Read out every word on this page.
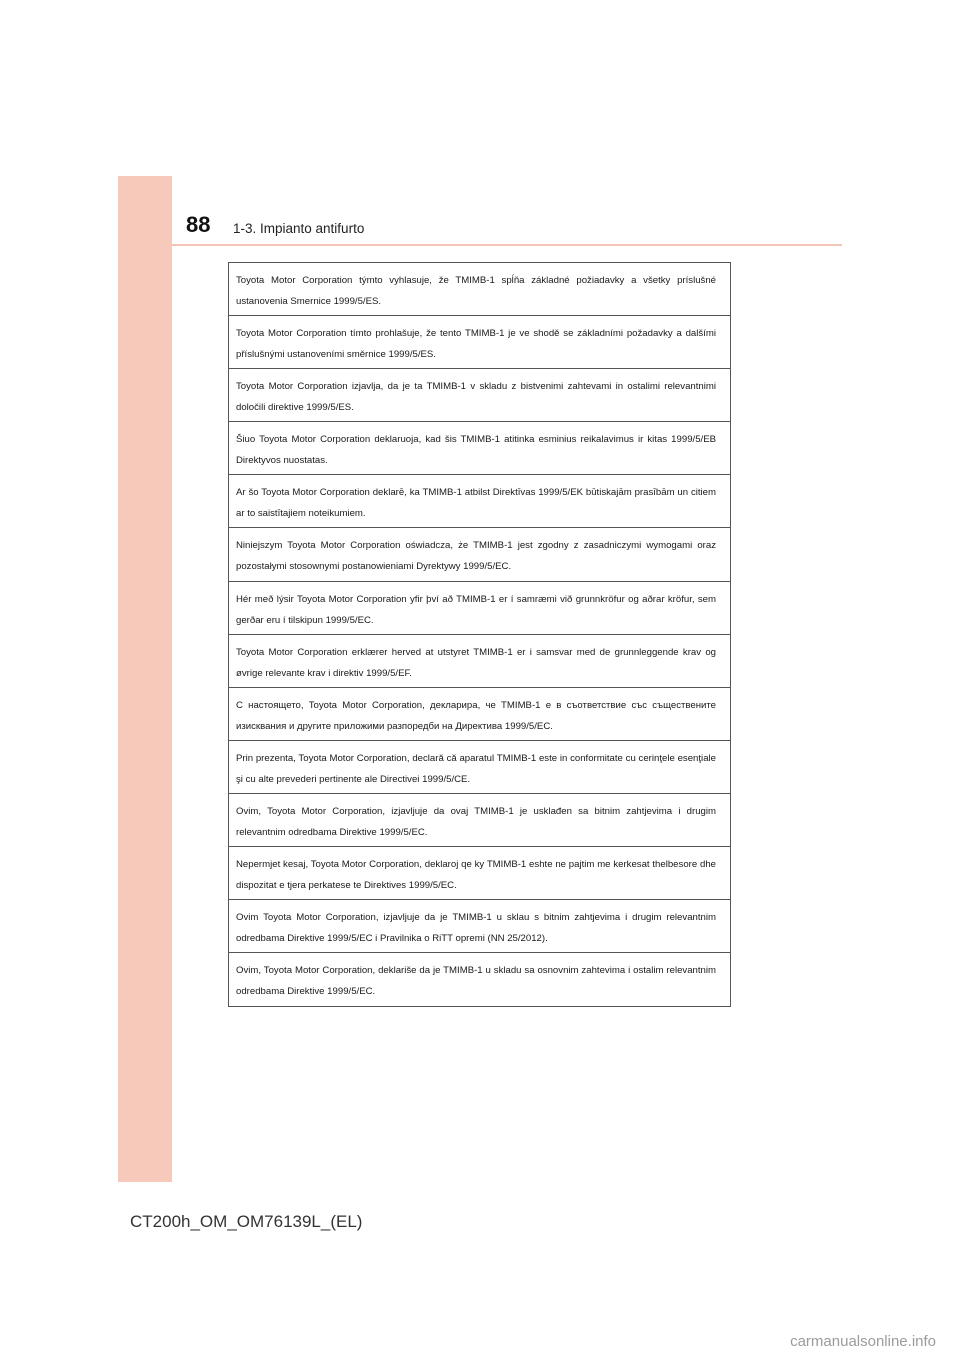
88 1-3. Impianto antifurto
Toyota Motor Corporation týmto vyhlasuje, že TMIMB-1 spĺňa základné požiadavky a všetky príslušné ustanovenia Smernice 1999/5/ES.
Toyota Motor Corporation tímto prohlašuje, že tento TMIMB-1 je ve shodě se základními požadavky a dalšími příslušnými ustanoveními směrnice 1999/5/ES.
Toyota Motor Corporation izjavlja, da je ta TMIMB-1 v skladu z bistvenimi zahtevami in ostalimi relevantnimi določili direktive 1999/5/ES.
Šiuo Toyota Motor Corporation deklaruoja, kad šis TMIMB-1 atitinka esminius reikalavimus ir kitas 1999/5/EB Direktyvos nuostatas.
Ar šo Toyota Motor Corporation deklarē, ka TMIMB-1 atbilst Direktīvas 1999/5/EK būtiskajām prasībām un citiem ar to saistītajiem noteikumiem.
Niniejszym Toyota Motor Corporation oświadcza, że TMIMB-1 jest zgodny z zasadniczymi wymogami oraz pozostałymi stosownymi postanowieniami Dyrektywy 1999/5/EC.
Hér með lýsir Toyota Motor Corporation yfir því að TMIMB-1 er í samræmi við grunnkröfur og aðrar kröfur, sem gerðar eru í tilskipun 1999/5/EC.
Toyota Motor Corporation erklærer herved at utstyret TMIMB-1 er i samsvar med de grunnleggende krav og øvrige relevante krav i direktiv 1999/5/EF.
С настоящето, Toyota Motor Corporation, декларира, че TMIMB-1 е в съответствие със съществените изисквания и другите приложими разпоредби на Директива 1999/5/ЕС.
Prin prezenta, Toyota Motor Corporation, declară că aparatul TMIMB-1 este in conformitate cu cerinţele esenţiale şi cu alte prevederi pertinente ale Directivei 1999/5/CE.
Ovim, Toyota Motor Corporation, izjavljuje da ovaj TMIMB-1 je usklađen sa bitnim zahtjevima i drugim relevantnim odredbama Direktive 1999/5/EC.
Nepermjet kesaj, Toyota Motor Corporation, deklaroj qe ky TMIMB-1 eshte ne pajtim me kerkesat thelbesore dhe dispozitat e tjera perkatese te Direktives 1999/5/EC.
Ovim Toyota Motor Corporation, izjavljuje da je TMIMB-1 u sklau s bitnim zahtjevima i drugim relevantnim odredbama Direktive 1999/5/EC i Pravilnika o RiTT opremi (NN 25/2012).
Ovim, Toyota Motor Corporation, deklariše da je TMIMB-1 u skladu sa osnovnim zahtevima i ostalim relevantnim odredbama Direktive 1999/5/EC.
CT200h_OM_OM76139L_(EL)
carmanualsonline.info
